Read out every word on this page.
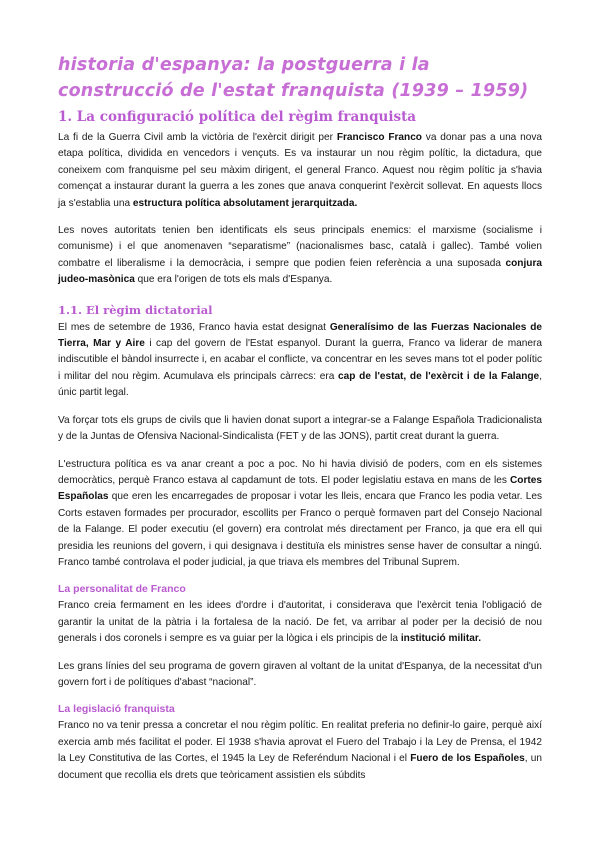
historia d'espanya: la postguerra i la construcció de l'estat franquista (1939 – 1959)
1. La configuració política del règim franquista

La fi de la Guerra Civil amb la victòria de l'exèrcit dirigit per Francisco Franco va donar pas a una nova etapa política, dividida en vencedors i vençuts. Es va instaurar un nou règim polític, la dictadura, que coneixem com franquisme pel seu màxim dirigent, el general Franco. Aquest nou règim polític ja s'havia començat a instaurar durant la guerra a les zones que anava conquerint l'exèrcit sollevat. En aquests llocs ja s'establia una estructura política absolutament jerarquitzada.

Les noves autoritats tenien ben identificats els seus principals enemics: el marxisme (socialisme i comunisme) i el que anomenaven “separatisme” (nacionalismes basc, català i gallec). També volien combatre el liberalisme i la democràcia, i sempre que podien feien referència a una suposada conjura judeo-masònica que era l'origen de tots els mals d'Espanya.

1.1. El règim dictatorial

El mes de setembre de 1936, Franco havia estat designat Generalísimo de las Fuerzas Nacionales de Tierra, Mar y Aire i cap del govern de l'Estat espanyol. Durant la guerra, Franco va liderar de manera indiscutible el bàndol insurrecte i, en acabar el conflicte, va concentrar en les seves mans tot el poder polític i militar del nou règim. Acumulava els principals càrrecs: era cap de l'estat, de l'exèrcit i de la Falange, únic partit legal.

Va forçar tots els grups de civils que li havien donat suport a integrar-se a Falange Española Tradicionalista y de la Juntas de Ofensiva Nacional-Sindicalista (FET y de las JONS), partit creat durant la guerra.

L'estructura política es va anar creant a poc a poc. No hi havia divisió de poders, com en els sistemes democràtics, perquè Franco estava al capdamunt de tots. El poder legislatiu estava en mans de les Cortes Españolas que eren les encarregades de proposar i votar les lleis, encara que Franco les podia vetar. Les Corts estaven formades per procurador, escollits per Franco o perquè formaven part del Consejo Nacional de la Falange. El poder executiu (el govern) era controlat més directament per Franco, ja que era ell qui presidia les reunions del govern, i qui designava i destituïa els ministres sense haver de consultar a ningú. Franco també controlava el poder judicial, ja que triava els membres del Tribunal Suprem.

La personalitat de Franco

Franco creia fermament en les idees d'ordre i d'autoritat, i considerava que l'exèrcit tenia l'obligació de garantir la unitat de la pàtria i la fortalesa de la nació. De fet, va arribar al poder per la decisió de nou generals i dos coronels i sempre es va guiar per la lògica i els principis de la institució militar.

Les grans línies del seu programa de govern giraven al voltant de la unitat d'Espanya, de la necessitat d'un govern fort i de polítiques d'abast “nacional”.

La legislació franquista

Franco no va tenir pressa a concretar el nou règim polític. En realitat preferia no definir-lo gaire, perquè així exercia amb més facilitat el poder. El 1938 s'havia aprovat el Fuero del Trabajo i la Ley de Prensa, el 1942 la Ley Constitutiva de las Cortes, el 1945 la Ley de Referéndum Nacional i el Fuero de los Españoles, un document que recollia els drets que teòricament assistien els súbdits
